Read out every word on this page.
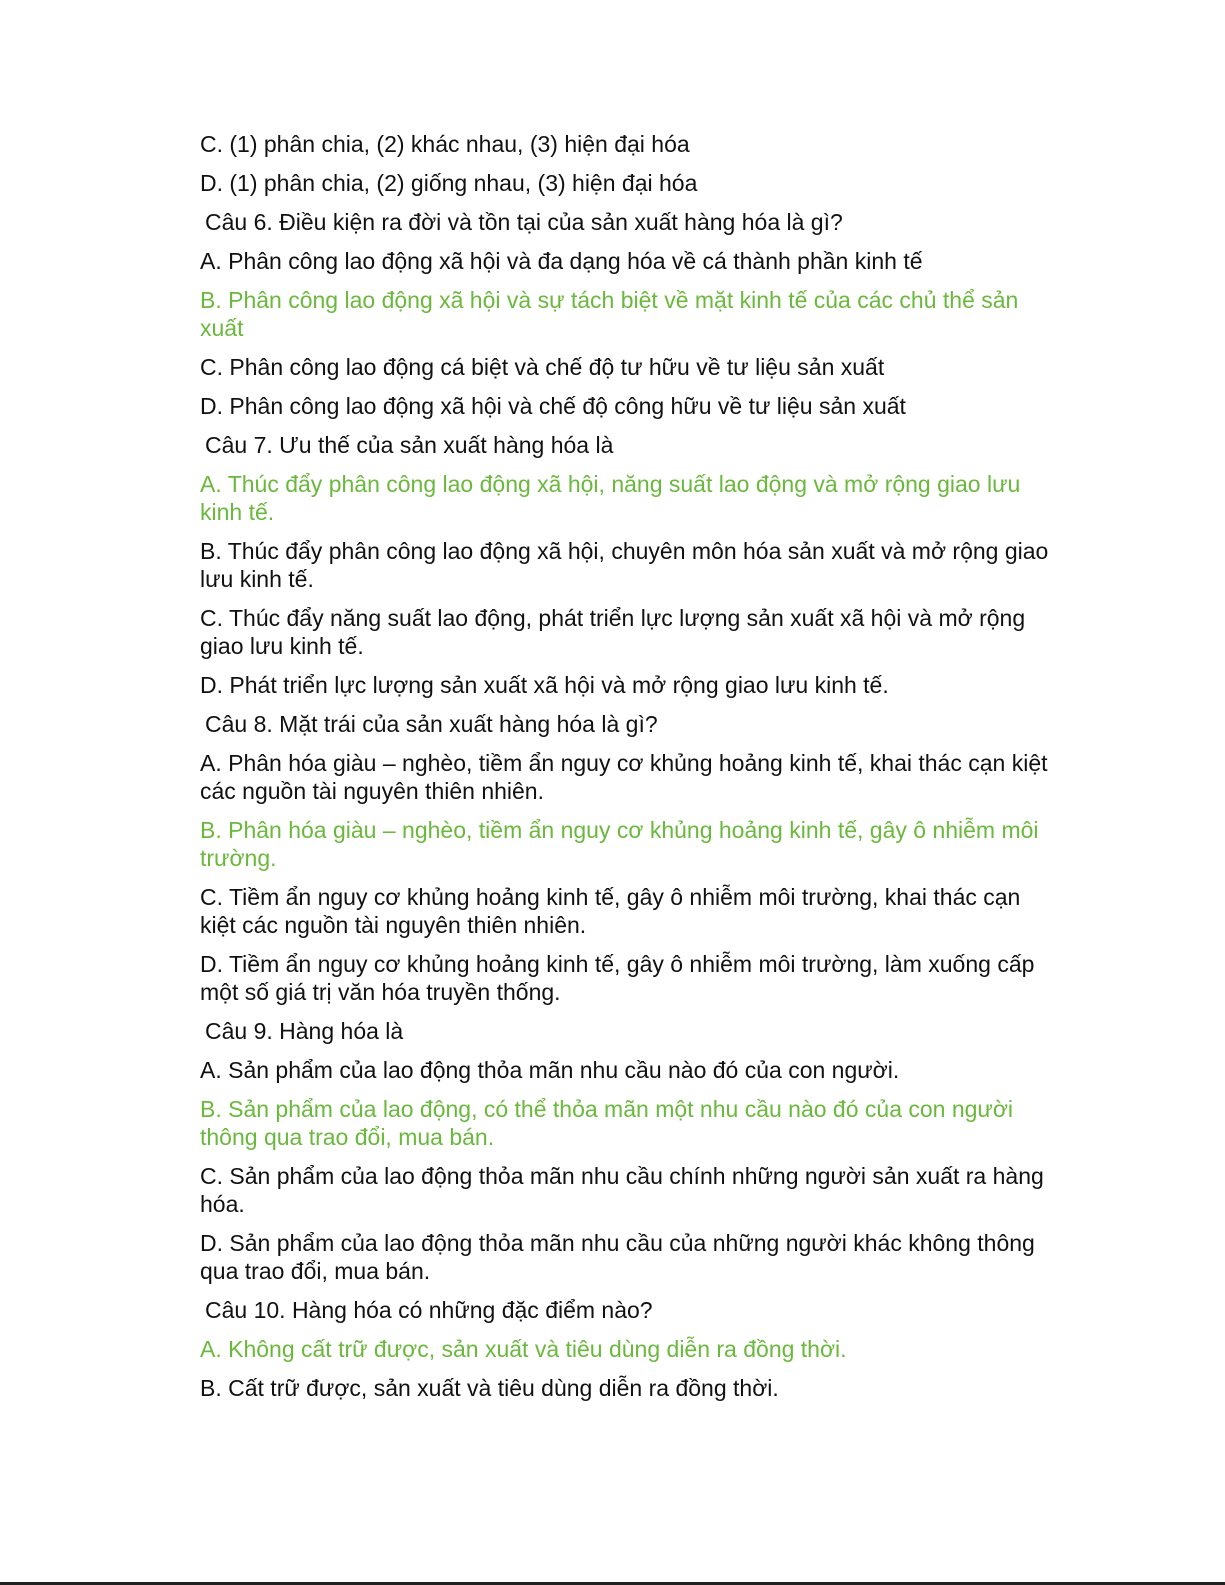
C. (1) phân chia, (2) khác nhau, (3) hiện đại hóa

D. (1) phân chia, (2) giống nhau, (3) hiện đại hóa

Câu 6. Điều kiện ra đời và tồn tại của sản xuất hàng hóa là gì?

A. Phân công lao động xã hội và đa dạng hóa về cá thành phần kinh tế

B. Phân công lao động xã hội và sự tách biệt về mặt kinh tế của các chủ thể sản xuất

C. Phân công lao động cá biệt và chế độ tư hữu về tư liệu sản xuất

D. Phân công lao động xã hội và chế độ công hữu về tư liệu sản xuất

Câu 7. Ưu thế của sản xuất hàng hóa là

A. Thúc đẩy phân công lao động xã hội, năng suất lao động và mở rộng giao lưu kinh tế.

B. Thúc đẩy phân công lao động xã hội, chuyên môn hóa sản xuất và mở rộng giao lưu kinh tế.

C. Thúc đẩy năng suất lao động, phát triển lực lượng sản xuất xã hội và mở rộng giao lưu kinh tế.

D. Phát triển lực lượng sản xuất xã hội và mở rộng giao lưu kinh tế.

Câu 8. Mặt trái của sản xuất hàng hóa là gì?

A. Phân hóa giàu – nghèo, tiềm ẩn nguy cơ khủng hoảng kinh tế, khai thác cạn kiệt các nguồn tài nguyên thiên nhiên.

B. Phân hóa giàu – nghèo, tiềm ẩn nguy cơ khủng hoảng kinh tế, gây ô nhiễm môi trường.

C. Tiềm ẩn nguy cơ khủng hoảng kinh tế, gây ô nhiễm môi trường, khai thác cạn kiệt các nguồn tài nguyên thiên nhiên.

D. Tiềm ẩn nguy cơ khủng hoảng kinh tế, gây ô nhiễm môi trường, làm xuống cấp một số giá trị văn hóa truyền thống.

Câu 9. Hàng hóa là

A. Sản phẩm của lao động thỏa mãn nhu cầu nào đó của con người.

B. Sản phẩm của lao động, có thể thỏa mãn một nhu cầu nào đó của con người thông qua trao đổi, mua bán.

C. Sản phẩm của lao động thỏa mãn nhu cầu chính những người sản xuất ra hàng hóa.

D. Sản phẩm của lao động thỏa mãn nhu cầu của những người khác không thông qua trao đổi, mua bán.

Câu 10. Hàng hóa có những đặc điểm nào?

A. Không cất trữ được, sản xuất và tiêu dùng diễn ra đồng thời.

B. Cất trữ được, sản xuất và tiêu dùng diễn ra đồng thời.
